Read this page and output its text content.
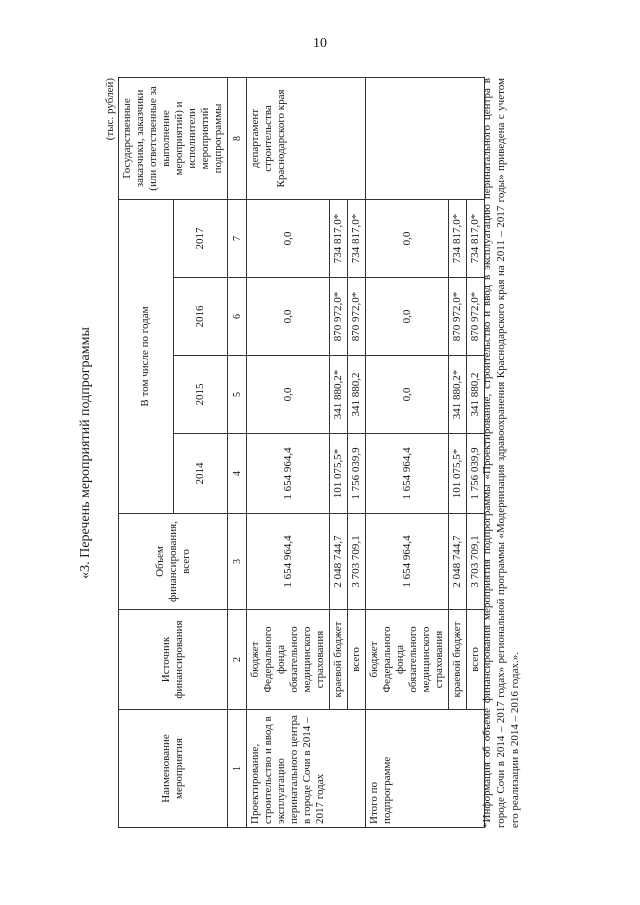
10
«3. Перечень мероприятий подпрограммы
(тыс. рублей)
Наименование мероприятия	Источник финансирования	Объем финансирования, всего	В том числе по годам				Государственные заказчики, заказчики (или ответственные за выполнение мероприятий) и исполнители мероприятий подпрограммы
			2014	2015	2016	2017	
1	2	3	4	5	6	7	8
Проектирование, строительство и ввод в эксплуатацию перинатального центра в городе Сочи в 2014 – 2017 годах	бюджет Федерального фонда обязательного медицинского страхования	1 654 964,4	1 654 964,4	0,0	0,0	0,0	департамент строительства Краснодарского края
	краевой бюджет	2 048 744,7	101 075,5*	341 880,2*	870 972,0*	734 817,0*	
	всего	3 703 709,1	1 756 039,9	341 880,2	870 972,0*	734 817,0*	
Итого по подпрограмме	бюджет Федерального фонда обязательного медицинского страхования	1 654 964,4	1 654 964,4	0,0	0,0	0,0	
	краевой бюджет	2 048 744,7	101 075,5*	341 880,2*	870 972,0*	734 817,0*	
	всего	3 703 709,1	1 756 039,9	341 880,2	870 972,0*	734 817,0*	*Информация об объеме финансирования мероприятия подпрограммы «Проектирование, строительство и ввод в эксплуатацию перинатального центра в городе Сочи в 2014 – 2017 годах» региональной программы «Модернизация здравоохранения Краснодарского края на 2011 – 2017 годы» приведена с учетом его реализации в 2014 – 2016 годах.».
